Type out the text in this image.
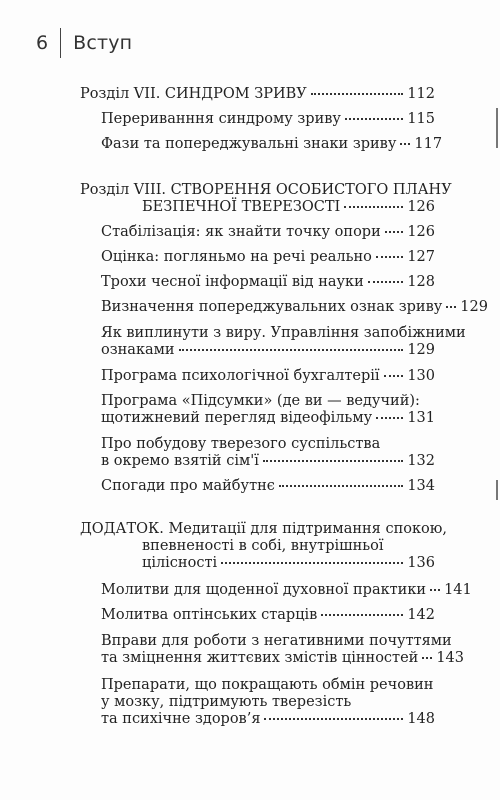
6 Вступ
Розділ VII. СИНДРОМ ЗРИВУ	112
Перериванння синдрому зриву	115
Фази та попереджувальні знаки зриву 117
Розділ VIII. СТВОРЕННЯ ОСОБИСТОГО ПЛАНУ
БЕЗПЕЧНОЇ ТВЕРЕЗОСТІ	126
Стабілізація: як знайти точку опори 126
Оцінка: погляньмо на речі реально 127
Трохи чесної інформації від науки	128
Визначення попереджувальних ознак зриву 129
Як виплинути з виру. Управління запобіжними
ознаками	129
Програма психологічної бухгалтерії 130
Програма «Підсумки» (де ви — ведучий):
щотижневий перегляд відеофільму 131
Про побудову тверезого суспільства
в окремо взятій сім'ї	132
Спогади про майбутнє	134
ДОДАТОК. Медитації для підтримання спокою,
впевненості в собі, внутрішньої
цілісності	136
Молитви для щоденної духовної практики 141
Молитва оптінських старців	142
Вправи для роботи з негативними почуттями
та зміцнення життєвих змістів цінностей 143
Препарати, що покращають обмін речовин
у мозку, підтримують тверезість
та психічне здоров’я	148
